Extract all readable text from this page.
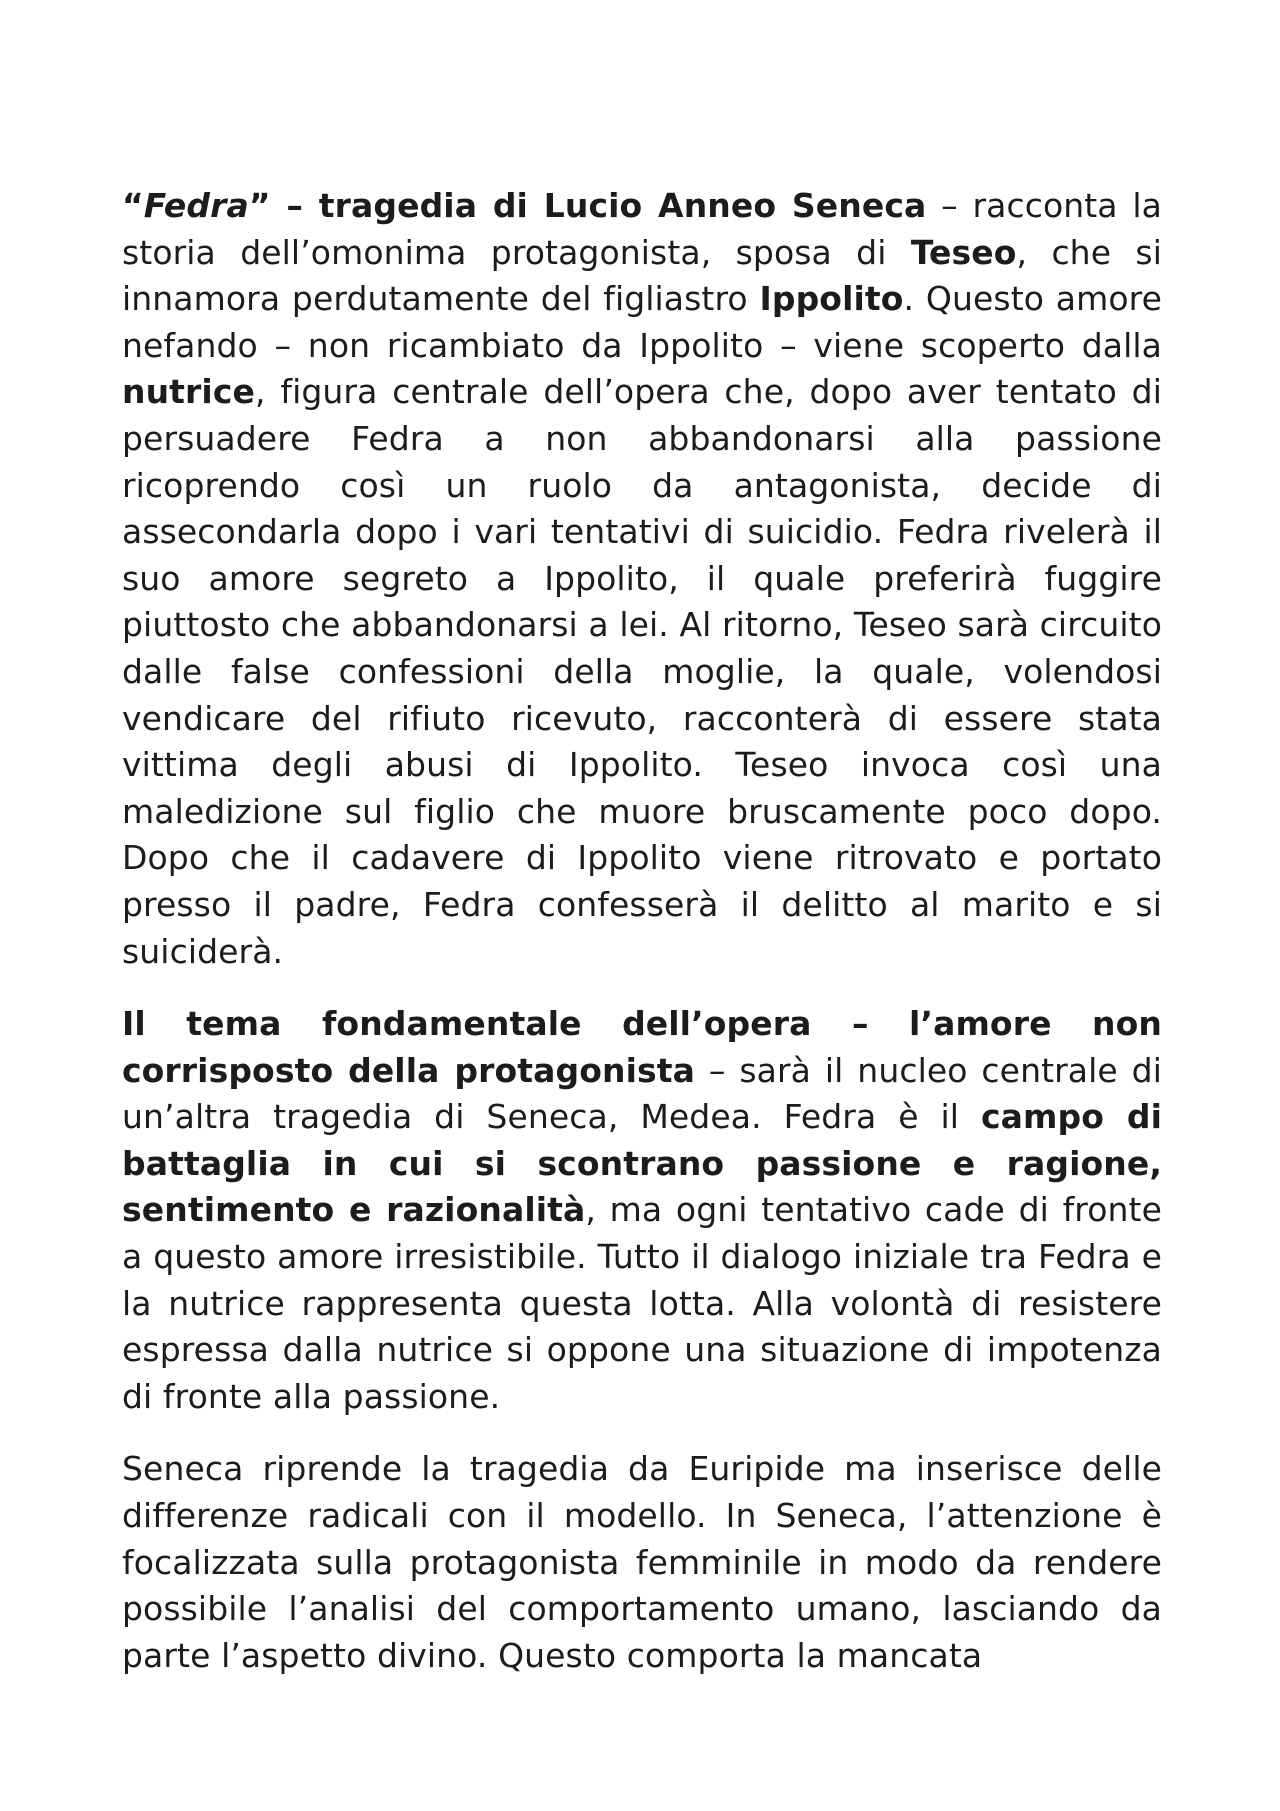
“Fedra” – tragedia di Lucio Anneo Seneca – racconta la storia dell’omonima protagonista, sposa di Teseo, che si innamora perdutamente del figliastro Ippolito. Questo amore nefando – non ricambiato da Ippolito – viene scoperto dalla nutrice, figura centrale dell’opera che, dopo aver tentato di persuadere Fedra a non abbandonarsi alla passione ricoprendo così un ruolo da antagonista, decide di assecondarla dopo i vari tentativi di suicidio. Fedra rivelerà il suo amore segreto a Ippolito, il quale preferirà fuggire piuttosto che abbandonarsi a lei. Al ritorno, Teseo sarà circuito dalle false confessioni della moglie, la quale, volendosi vendicare del rifiuto ricevuto, racconterà di essere stata vittima degli abusi di Ippolito. Teseo invoca così una maledizione sul figlio che muore bruscamente poco dopo. Dopo che il cadavere di Ippolito viene ritrovato e portato presso il padre, Fedra confesserà il delitto al marito e si suiciderà.

Il tema fondamentale dell’opera – l’amore non corrisposto della protagonista – sarà il nucleo centrale di un’altra tragedia di Seneca, Medea. Fedra è il campo di battaglia in cui si scontrano passione e ragione, sentimento e razionalità, ma ogni tentativo cade di fronte a questo amore irresistibile. Tutto il dialogo iniziale tra Fedra e la nutrice rappresenta questa lotta. Alla volontà di resistere espressa dalla nutrice si oppone una situazione di impotenza di fronte alla passione.

Seneca riprende la tragedia da Euripide ma inserisce delle differenze radicali con il modello. In Seneca, l’attenzione è focalizzata sulla protagonista femminile in modo da rendere possibile l’analisi del comportamento umano, lasciando da parte l’aspetto divino. Questo comporta la mancata
